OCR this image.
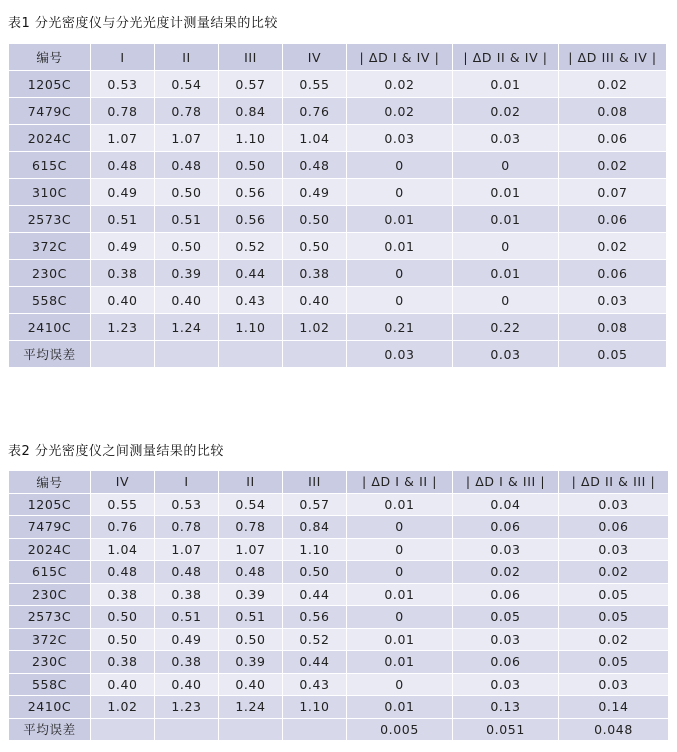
表1 分光密度仪与分光光度计测量结果的比较
编号	I	II	III	IV	| ΔD I & IV |	| ΔD II & IV |	| ΔD III & IV |
1205C	0.53	0.54	0.57	0.55	0.02	0.01	0.02
7479C	0.78	0.78	0.84	0.76	0.02	0.02	0.08
2024C	1.07	1.07	1.10	1.04	0.03	0.03	0.06
615C	0.48	0.48	0.50	0.48	0	0	0.02
310C	0.49	0.50	0.56	0.49	0	0.01	0.07
2573C	0.51	0.51	0.56	0.50	0.01	0.01	0.06
372C	0.49	0.50	0.52	0.50	0.01	0	0.02
230C	0.38	0.39	0.44	0.38	0	0.01	0.06
558C	0.40	0.40	0.43	0.40	0	0	0.03
2410C	1.23	1.24	1.10	1.02	0.21	0.22	0.08
平均误差					0.03	0.03	0.05
表2 分光密度仪之间测量结果的比较
编号	IV	I	II	III	| ΔD I & II |	| ΔD I & III |	| ΔD II & III |
1205C	0.55	0.53	0.54	0.57	0.01	0.04	0.03
7479C	0.76	0.78	0.78	0.84	0	0.06	0.06
2024C	1.04	1.07	1.07	1.10	0	0.03	0.03
615C	0.48	0.48	0.48	0.50	0	0.02	0.02
230C	0.38	0.38	0.39	0.44	0.01	0.06	0.05
2573C	0.50	0.51	0.51	0.56	0	0.05	0.05
372C	0.50	0.49	0.50	0.52	0.01	0.03	0.02
230C	0.38	0.38	0.39	0.44	0.01	0.06	0.05
558C	0.40	0.40	0.40	0.43	0	0.03	0.03
2410C	1.02	1.23	1.24	1.10	0.01	0.13	0.14
平均误差					0.005	0.051	0.048
